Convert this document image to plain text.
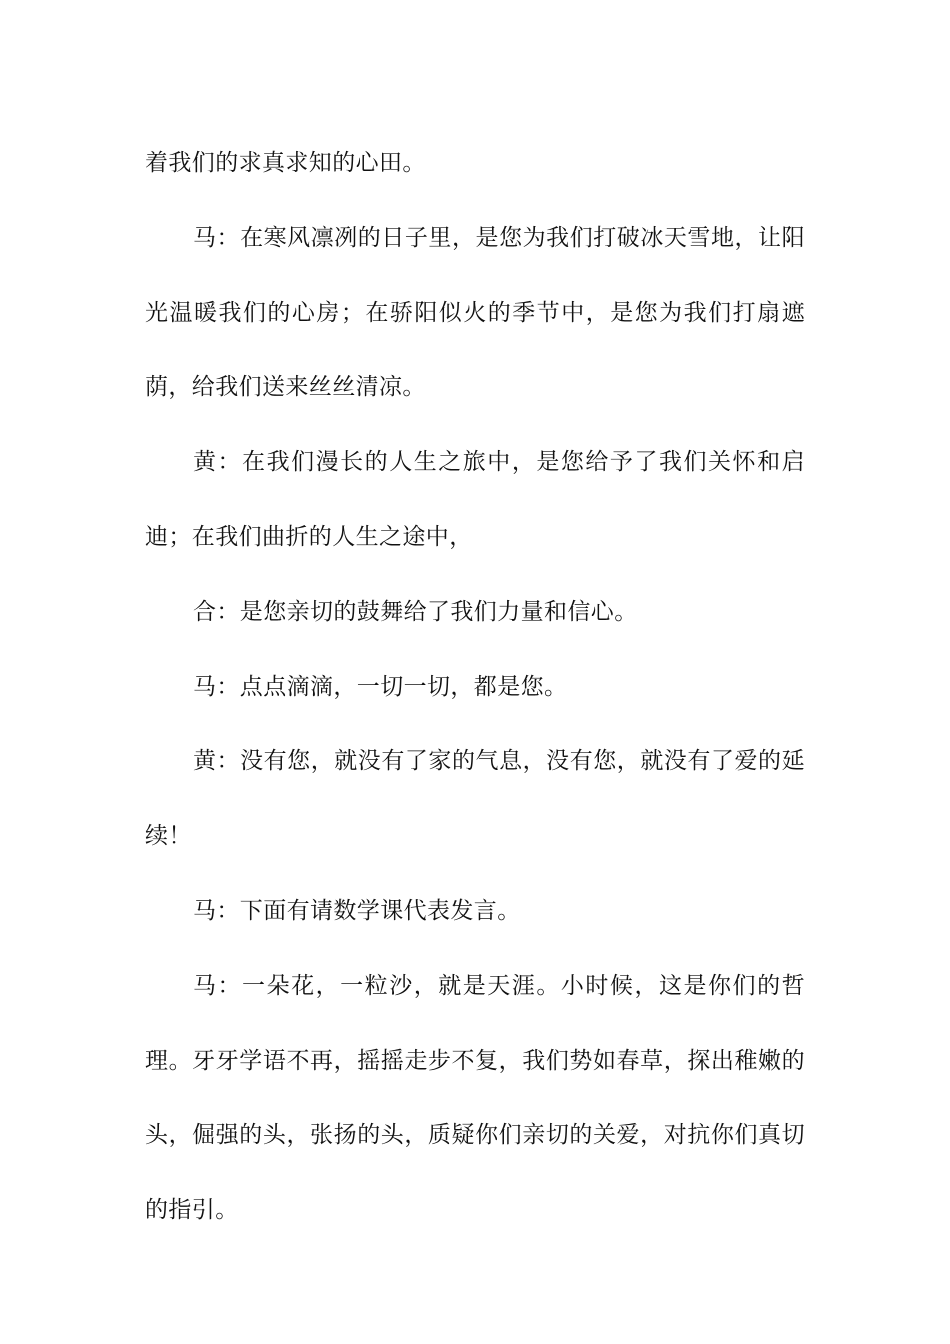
着我们的求真求知的心田。

马：在寒风凛冽的日子里，是您为我们打破冰天雪地，让阳光温暖我们的心房；在骄阳似火的季节中，是您为我们打扇遮荫，给我们送来丝丝清凉。

黄：在我们漫长的人生之旅中，是您给予了我们关怀和启迪；在我们曲折的人生之途中，

合：是您亲切的鼓舞给了我们力量和信心。

马：点点滴滴，一切一切，都是您。

黄：没有您，就没有了家的气息，没有您，就没有了爱的延续！

马：下面有请数学课代表发言。

马：一朵花，一粒沙，就是天涯。小时候，这是你们的哲理。牙牙学语不再，摇摇走步不复，我们势如春草，探出稚嫩的头，倔强的头，张扬的头，质疑你们亲切的关爱，对抗你们真切的指引。
